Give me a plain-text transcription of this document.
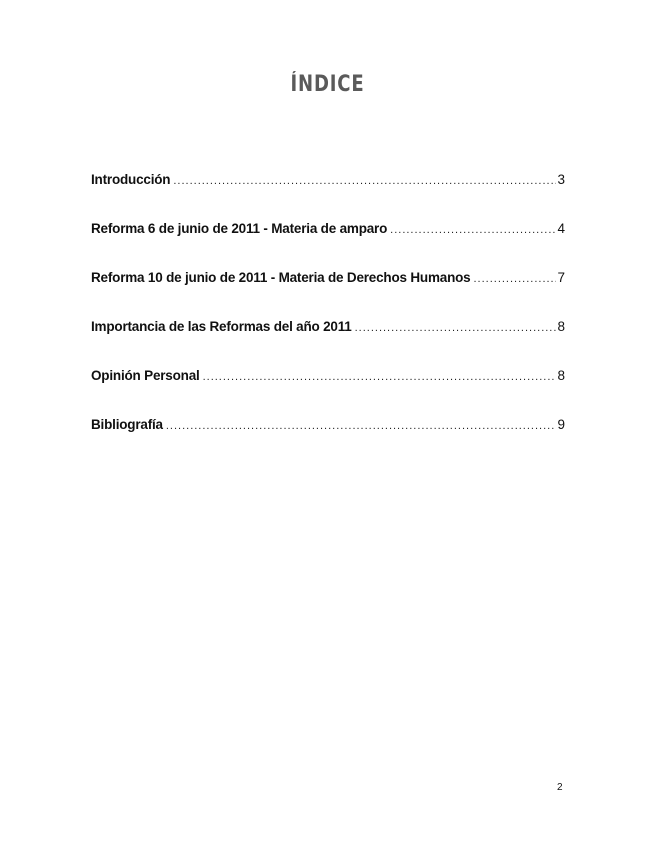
ÍNDICE
Introducción .....	3
Reforma 6 de junio de 2011 - Materia de amparo .....	4
Reforma 10 de junio de 2011 - Materia de Derechos Humanos .....	7
Importancia de las Reformas del año 2011 .....	8
Opinión Personal .....	8
Bibliografía .....	9
2
